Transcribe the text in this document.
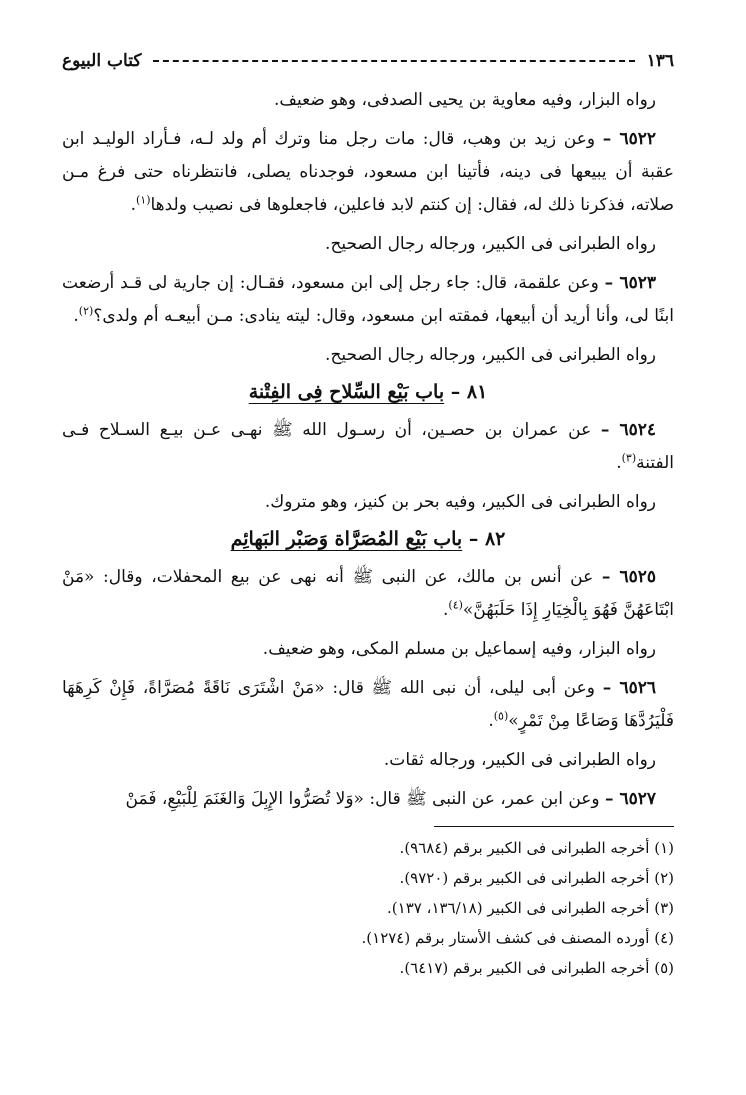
١٣٦
كتاب البيوع

رواه البزار، وفيه معاوية بن يحيى الصدفى، وهو ضعيف.

٦٥٢٢ – وعن زيد بن وهب، قال: مات رجل منا وترك أم ولد لـه، فـأراد الوليـد ابن عقبة أن يبيعها فى دينه، فأتينا ابن مسعود، فوجدناه يصلى، فانتظرناه حتى فرغ مـن صلاته، فذكرنا ذلك له، فقال: إن كنتم لابد فاعلين، فاجعلوها فى نصيب ولدها$^{(١)}$.

رواه الطبرانى فى الكبير، ورجاله رجال الصحيح.

٦٥٢٣ – وعن علقمة، قال: جاء رجل إلى ابن مسعود، فقـال: إن جارية لى قـد أرضعت ابنًا لى، وأنا أريد أن أبيعها، فمقته ابن مسعود، وقال: ليته ينادى: مـن أبيعـه أم ولدى؟$^{(٢)}$.

رواه الطبرانى فى الكبير، ورجاله رجال الصحيح.

٨١ – باب بَيْع السِّلاح فِى الفِتْنة

٦٥٢٤ – عن عمران بن حصـين، أن رسـول الله ﷺ نهـى عـن بيـع السـلاح فـى الفتنة$^{(٣)}$.

رواه الطبرانى فى الكبير، وفيه بحر بن كنيز، وهو متروك.

٨٢ – باب بَيْع المُصَرَّاة وَصَبْر البَهائِم

٦٥٢٥ – عن أنس بن مالك، عن النبى ﷺ أنه نهى عن بيع المحفلات، وقال: «مَنْ ابْتَاعَهُنَّ فَهُوَ بِالْخِيَارِ إِذَا حَلَبَهُنَّ»$^{(٤)}$.

رواه البزار، وفيه إسماعيل بن مسلم المكى، وهو ضعيف.

٦٥٢٦ – وعن أبى ليلى، أن نبى الله ﷺ قال: «مَنْ اشْتَرَى نَاقَةً مُصَرَّاةً، فَإِنْ كَرِهَهَا فَلْيَرُدَّهَا وَصَاعًا مِنْ تَمْرٍ»$^{(٥)}$.

رواه الطبرانى فى الكبير، ورجاله ثقات.

٦٥٢٧ – وعن ابن عمر، عن النبى ﷺ قال: «وَلا تُصَرُّوا الإِبِلَ وَالغَنَمَ لِلْبَيْعِ، فَمَنْ

(١) أخرجه الطبرانى فى الكبير برقم (٩٦٨٤).
(٢) أخرجه الطبرانى فى الكبير برقم (٩٧٢٠).
(٣) أخرجه الطبرانى فى الكبير (١٣٦/١٨، ١٣٧).
(٤) أورده المصنف فى كشف الأستار برقم (١٢٧٤).
(٥) أخرجه الطبرانى فى الكبير برقم (٦٤١٧).
